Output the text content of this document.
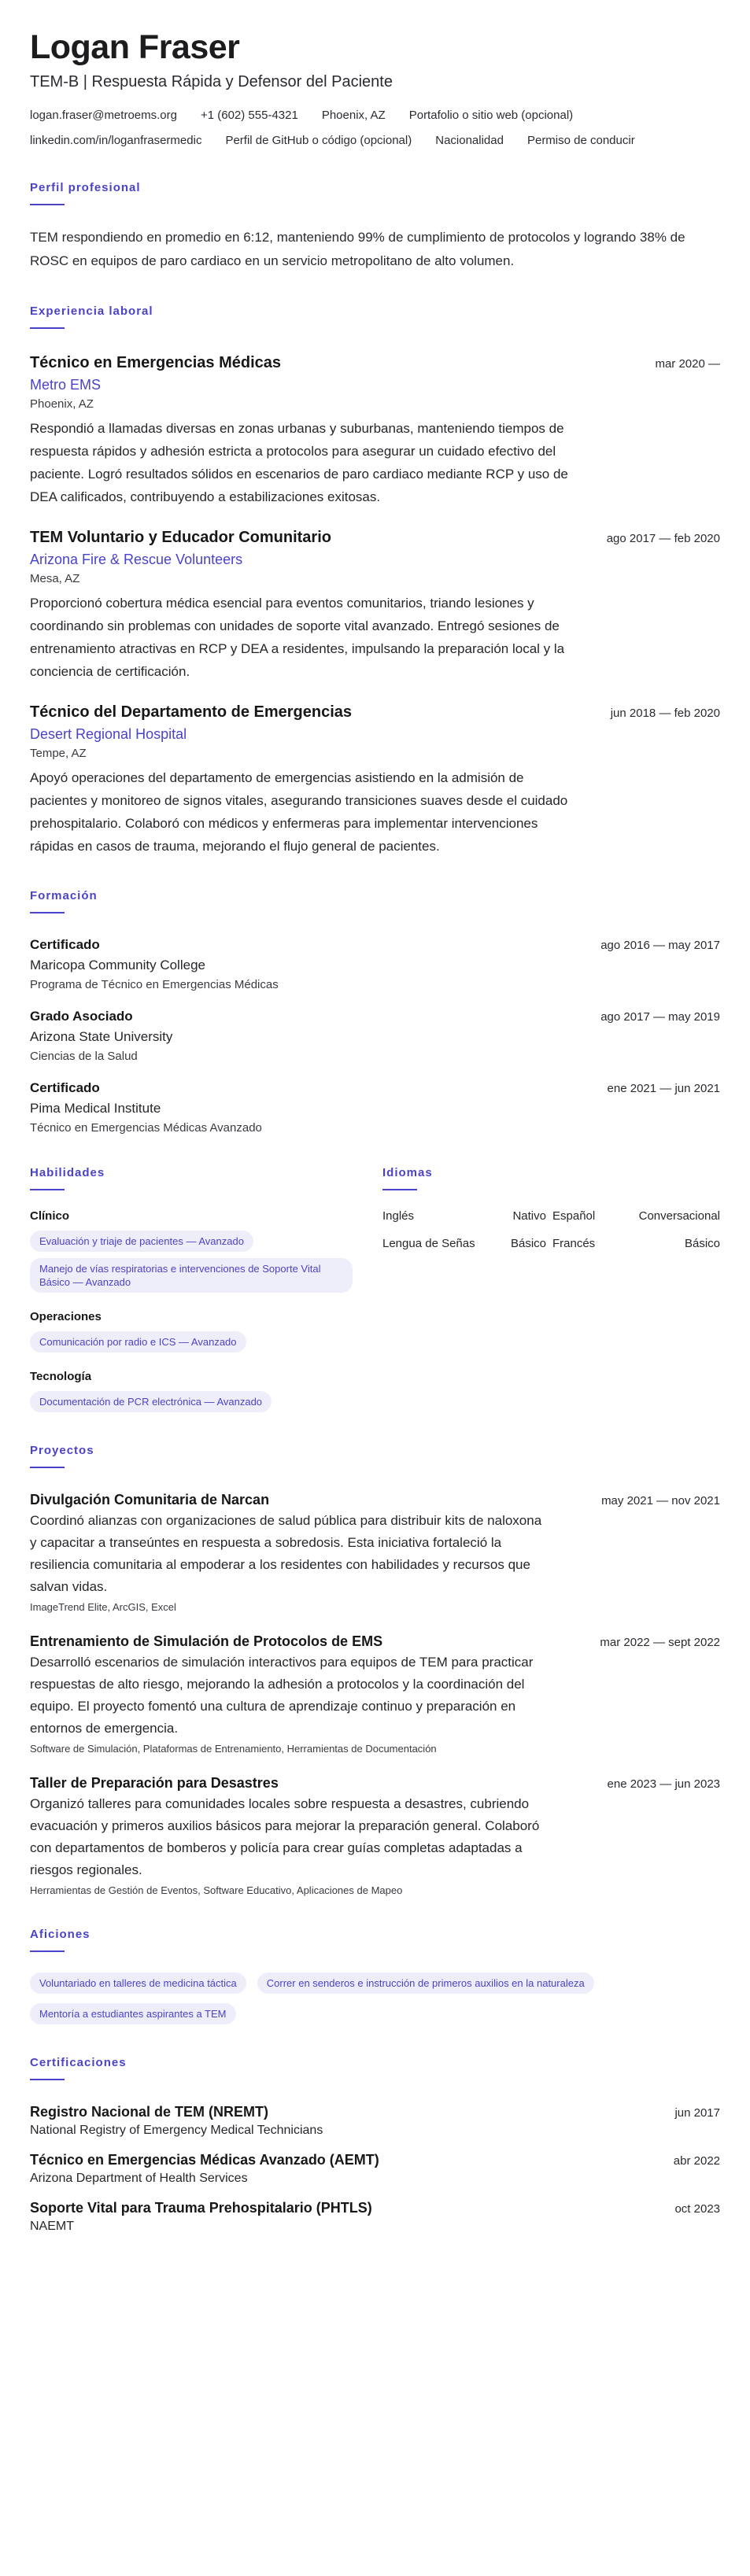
Logan Fraser
TEM-B | Respuesta Rápida y Defensor del Paciente
logan.fraser@metroems.org +1 (602) 555-4321 Phoenix, AZ Portafolio o sitio web (opcional)
linkedin.com/in/loganfrasermedic Perfil de GitHub o código (opcional) Nacionalidad Permiso de conducir
Perfil profesional
TEM respondiendo en promedio en 6:12, manteniendo 99% de cumplimiento de protocolos y logrando 38% de ROSC en equipos de paro cardiaco en un servicio metropolitano de alto volumen.
Experiencia laboral
Técnico en Emergencias Médicas	mar 2020 —
Metro EMS
Phoenix, AZ
Respondió a llamadas diversas en zonas urbanas y suburbanas, manteniendo tiempos de respuesta rápidos y adhesión estricta a protocolos para asegurar un cuidado efectivo del paciente. Logró resultados sólidos en escenarios de paro cardiaco mediante RCP y uso de DEA calificados, contribuyendo a estabilizaciones exitosas.
TEM Voluntario y Educador Comunitario	ago 2017 — feb 2020
Arizona Fire & Rescue Volunteers
Mesa, AZ
Proporcionó cobertura médica esencial para eventos comunitarios, triando lesiones y coordinando sin problemas con unidades de soporte vital avanzado. Entregó sesiones de entrenamiento atractivas en RCP y DEA a residentes, impulsando la preparación local y la conciencia de certificación.
Técnico del Departamento de Emergencias	jun 2018 — feb 2020
Desert Regional Hospital
Tempe, AZ
Apoyó operaciones del departamento de emergencias asistiendo en la admisión de pacientes y monitoreo de signos vitales, asegurando transiciones suaves desde el cuidado prehospitalario. Colaboró con médicos y enfermeras para implementar intervenciones rápidas en casos de trauma, mejorando el flujo general de pacientes.
Formación
Certificado	ago 2016 — may 2017
Maricopa Community College
Programa de Técnico en Emergencias Médicas
Grado Asociado	ago 2017 — may 2019
Arizona State University
Ciencias de la Salud
Certificado	ene 2021 — jun 2021
Pima Medical Institute
Técnico en Emergencias Médicas Avanzado
Habilidades
Clínico
Evaluación y triaje de pacientes — Avanzado
Manejo de vías respiratorias e intervenciones de Soporte Vital Básico — Avanzado
Operaciones
Comunicación por radio e ICS — Avanzado
Tecnología
Documentación de PCR electrónica — Avanzado
Idiomas
Inglés	Nativo Español	Conversacional
Lengua de Señas	Básico Francés	Básico
Proyectos
Divulgación Comunitaria de Narcan	may 2021 — nov 2021
Coordinó alianzas con organizaciones de salud pública para distribuir kits de naloxona y capacitar a transeúntes en respuesta a sobredosis. Esta iniciativa fortaleció la resiliencia comunitaria al empoderar a los residentes con habilidades y recursos que salvan vidas.
ImageTrend Elite, ArcGIS, Excel
Entrenamiento de Simulación de Protocolos de EMS	mar 2022 — sept 2022
Desarrolló escenarios de simulación interactivos para equipos de TEM para practicar respuestas de alto riesgo, mejorando la adhesión a protocolos y la coordinación del equipo. El proyecto fomentó una cultura de aprendizaje continuo y preparación en entornos de emergencia.
Software de Simulación, Plataformas de Entrenamiento, Herramientas de Documentación
Taller de Preparación para Desastres	ene 2023 — jun 2023
Organizó talleres para comunidades locales sobre respuesta a desastres, cubriendo evacuación y primeros auxilios básicos para mejorar la preparación general. Colaboró con departamentos de bomberos y policía para crear guías completas adaptadas a riesgos regionales.
Herramientas de Gestión de Eventos, Software Educativo, Aplicaciones de Mapeo
Aficiones
Voluntariado en talleres de medicina táctica	Correr en senderos e instrucción de primeros auxilios en la naturaleza
Mentoría a estudiantes aspirantes a TEM
Certificaciones
Registro Nacional de TEM (NREMT)	jun 2017
National Registry of Emergency Medical Technicians
Técnico en Emergencias Médicas Avanzado (AEMT)	abr 2022
Arizona Department of Health Services
Soporte Vital para Trauma Prehospitalario (PHTLS)	oct 2023
NAEMT
